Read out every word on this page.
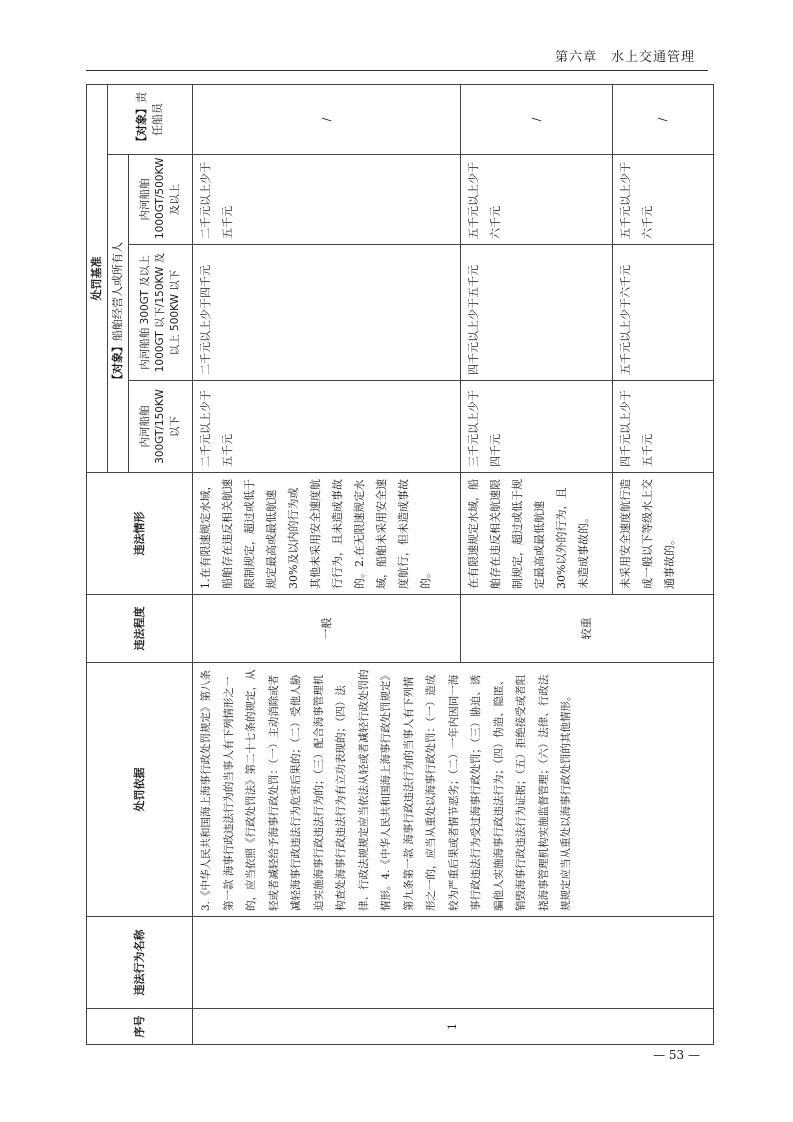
第六章　水上交通管理
序号	违法行为名称	处罚依据	违法程度	违法情形	处罚基准			
					【对象】船舶经营人或所有人			【对象】责任船员
					内河船舶300GT/150KW以下	内河船舶 300GT 及以上1000GT 以下/150KW 及以上 500KW 以下	内河船舶1000GT/500KW及以上	
1		3.《中华人民共和国海上海事行政处罚规定》第八条第一款 海事行政违法行为的当事人有下列情形之一的，应当依照《行政处罚法》第二十七条的规定，从轻或者减轻给予海事行政处罚：（一）主动消除或者减轻海事行政违法行为危害后果的；（二）受他人胁迫实施海事行政违法行为的；（三）配合海事管理机构查处海事行政违法行为有立功表现的；（四）法律、行政法规规定应当依法从轻或者减轻行政处罚的情形。4.《中华人民共和国海上海事行政处罚规定》第九条第一款 海事行政违法行为的当事人有下列情形之一的，应当从重处以海事行政处罚：（一）造成较为严重后果或者情节恶劣；（二）一年内因同一海事行政违法行为受过海事行政处罚；（三）胁迫、诱骗他人实施海事行政违法行为；（四）伪造、隐匿、销毁海事行政违法行为证据；（五）拒绝接受或者阻挠海事管理机构实施监督管理；（六）法律、行政法规规定应当从重处以海事行政处罚的其他情形。	一般	1.在有限速规定水域，船舶存在违反相关航速限制规定，超过或低于规定最高或最低航速30%及以内的行为或其他未采用安全速度航行行为，且未造成事故的。2.在无限速规定水域，船舶未采用安全速度航行，但未造成事故的。	二千元以上少于五千元	二千元以上少于四千元	二千元以上少于五千元	/
			较重	在有限速规定水域，船舶存在违反相关航速限制规定，超过或低于规定最高或最低航速30%以外的行为，且未造成事故的。	三千元以上少于四千元	四千元以上少于五千元	五千元以上少于六千元	/
				未采用安全速度航行造成一般以下等级水上交通事故的。	四千元以上少于五千元	五千元以上少于六千元	五千元以上少于六千元	/
— 53 —
